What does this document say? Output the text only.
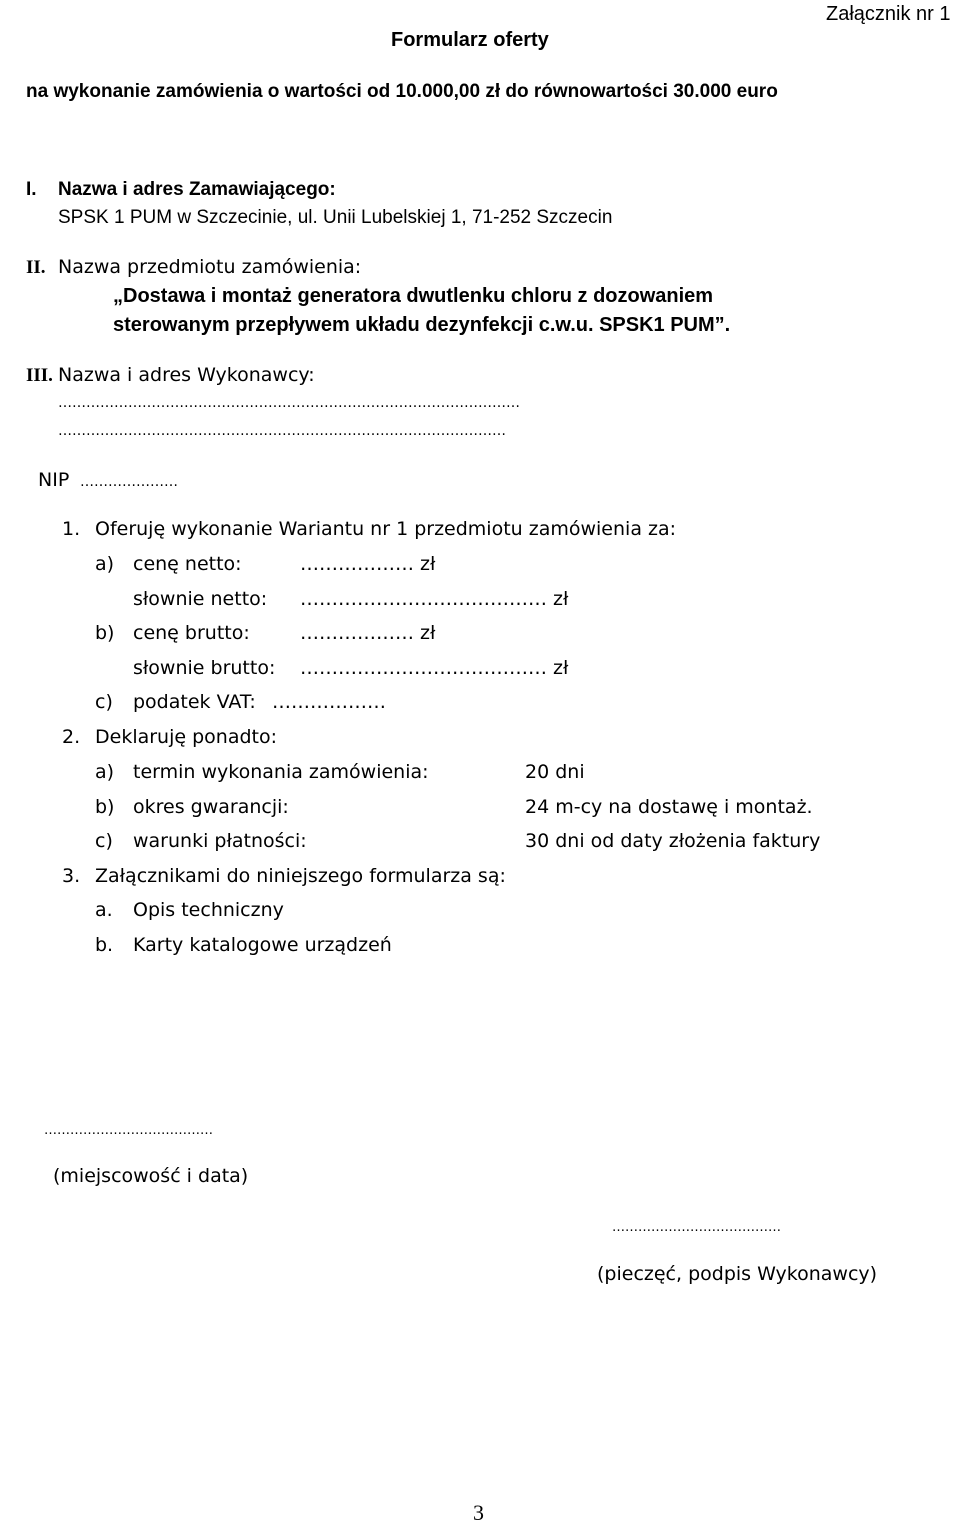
Załącznik nr 1
Formularz oferty
na wykonanie zamówienia o wartości od 10.000,00 zł do równowartości 30.000 euro
I. Nazwa i adres Zamawiającego:
SPSK 1 PUM w Szczecinie, ul. Unii Lubelskiej 1, 71-252 Szczecin
II. Nazwa przedmiotu zamówienia:
„Dostawa i montaż generatora dwutlenku chloru z dozowaniem
sterowanym przepływem układu dezynfekcji c.w.u. SPSK1 PUM”.
III. Nazwa i adres Wykonawcy:
………………………………………………………………………………………
……………………………………………………………………………………
NIP …………………
1. Oferuję wykonanie Wariantu nr 1 przedmiotu zamówienia za:
a) cenę netto:	……………… zł
słownie netto: ………………………………… zł
b) cenę brutto:	……………… zł
słownie brutto: ………………………………… zł
c) podatek VAT: ………………
2. Deklaruję ponadto:
a) termin wykonania zamówienia:	20 dni
b) okres gwarancji:	24 m-cy na dostawę i montaż.
c) warunki płatności:	30 dni od daty złożenia faktury
3. Załącznikami do niniejszego formularza są:
a. Opis techniczny
b. Karty katalogowe urządzeń
…………………………………
(miejscowość i data)
…………………………………
(pieczęć, podpis Wykonawcy)
3
